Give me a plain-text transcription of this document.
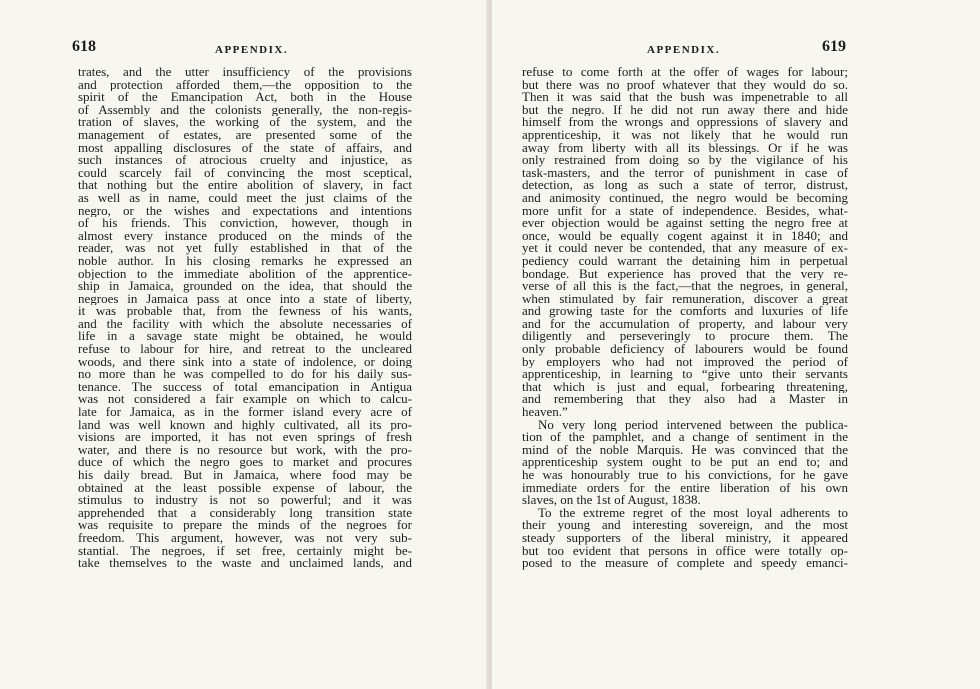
618	APPENDIX.

trates, and the utter insufficiency of the provisions

and protection afforded them,—the opposition to the

spirit of the Emancipation Act, both in the House

of Assembly and the colonists generally, the non-regis-

tration of slaves, the working of the system, and the

management of estates, are presented some of the

most appalling disclosures of the state of affairs, and

such instances of atrocious cruelty and injustice, as

could scarcely fail of convincing the most sceptical,

that nothing but the entire abolition of slavery, in fact

as well as in name, could meet the just claims of the

negro, or the wishes and expectations and intentions

of his friends. This conviction, however, though in

almost every instance produced on the minds of the

reader, was not yet fully established in that of the

noble author. In his closing remarks he expressed an

objection to the immediate abolition of the apprentice-

ship in Jamaica, grounded on the idea, that should the

negroes in Jamaica pass at once into a state of liberty,

it was probable that, from the fewness of his wants,

and the facility with which the absolute necessaries of

life in a savage state might be obtained, he would

refuse to labour for hire, and retreat to the uncleared

woods, and there sink into a state of indolence, or doing

no more than he was compelled to do for his daily sus-

tenance. The success of total emancipation in Antigua

was not considered a fair example on which to calcu-

late for Jamaica, as in the former island every acre of

land was well known and highly cultivated, all its pro-

visions are imported, it has not even springs of fresh

water, and there is no resource but work, with the pro-

duce of which the negro goes to market and procures

his daily bread. But in Jamaica, where food may be

obtained at the least possible expense of labour, the

stimulus to industry is not so powerful; and it was

apprehended that a considerably long transition state

was requisite to prepare the minds of the negroes for

freedom. This argument, however, was not very sub-

stantial. The negroes, if set free, certainly might be-

take themselves to the waste and unclaimed lands, and

APPENDIX.	619

refuse to come forth at the offer of wages for labour;

but there was no proof whatever that they would do so.

Then it was said that the bush was impenetrable to all

but the negro. If he did not run away there and hide

himself from the wrongs and oppressions of slavery and

apprenticeship, it was not likely that he would run

away from liberty with all its blessings. Or if he was

only restrained from doing so by the vigilance of his

task-masters, and the terror of punishment in case of

detection, as long as such a state of terror, distrust,

and animosity continued, the negro would be becoming

more unfit for a state of independence. Besides, what-

ever objection would be against setting the negro free at

once, would be equally cogent against it in 1840; and

yet it could never be contended, that any measure of ex-

pediency could warrant the detaining him in perpetual

bondage. But experience has proved that the very re-

verse of all this is the fact,—that the negroes, in general,

when stimulated by fair remuneration, discover a great

and growing taste for the comforts and luxuries of life

and for the accumulation of property, and labour very

diligently and perseveringly to procure them. The

only probable deficiency of labourers would be found

by employers who had not improved the period of

apprenticeship, in learning to “give unto their servants

that which is just and equal, forbearing threatening,

and remembering that they also had a Master in

heaven.”

No very long period intervened between the publica-

tion of the pamphlet, and a change of sentiment in the

mind of the noble Marquis. He was convinced that the

apprenticeship system ought to be put an end to; and

he was honourably true to his convictions, for he gave

immediate orders for the entire liberation of his own

slaves, on the 1st of August, 1838.

To the extreme regret of the most loyal adherents to

their young and interesting sovereign, and the most

steady supporters of the liberal ministry, it appeared

but too evident that persons in office were totally op-

posed to the measure of complete and speedy emanci-
